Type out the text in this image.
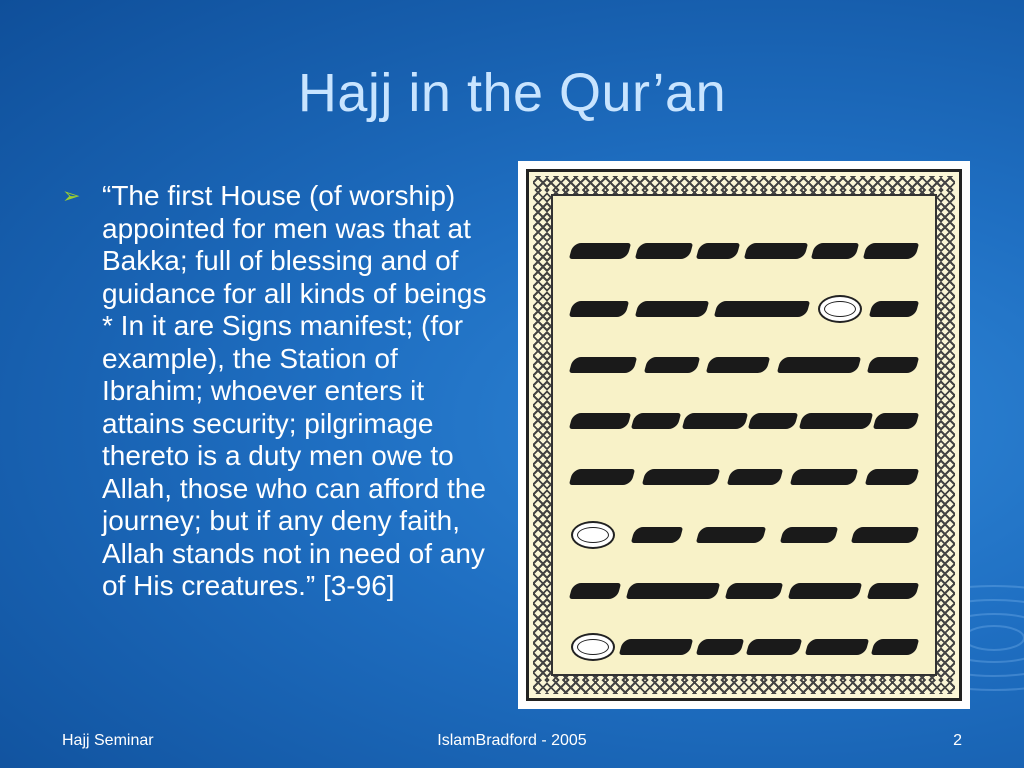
Hajj in the Qur’an
➢ “The first House (of worship) appointed for men was that at Bakka; full of blessing and of guidance for all kinds of beings * In it are Signs manifest; (for example), the Station of Ibrahim; whoever enters it attains security; pilgrimage thereto is a duty men owe to Allah, those who can afford the journey; but if any deny faith, Allah stands not in need of any of His creatures.” [3-96]
Hajj Seminar	IslamBradford - 2005	2
